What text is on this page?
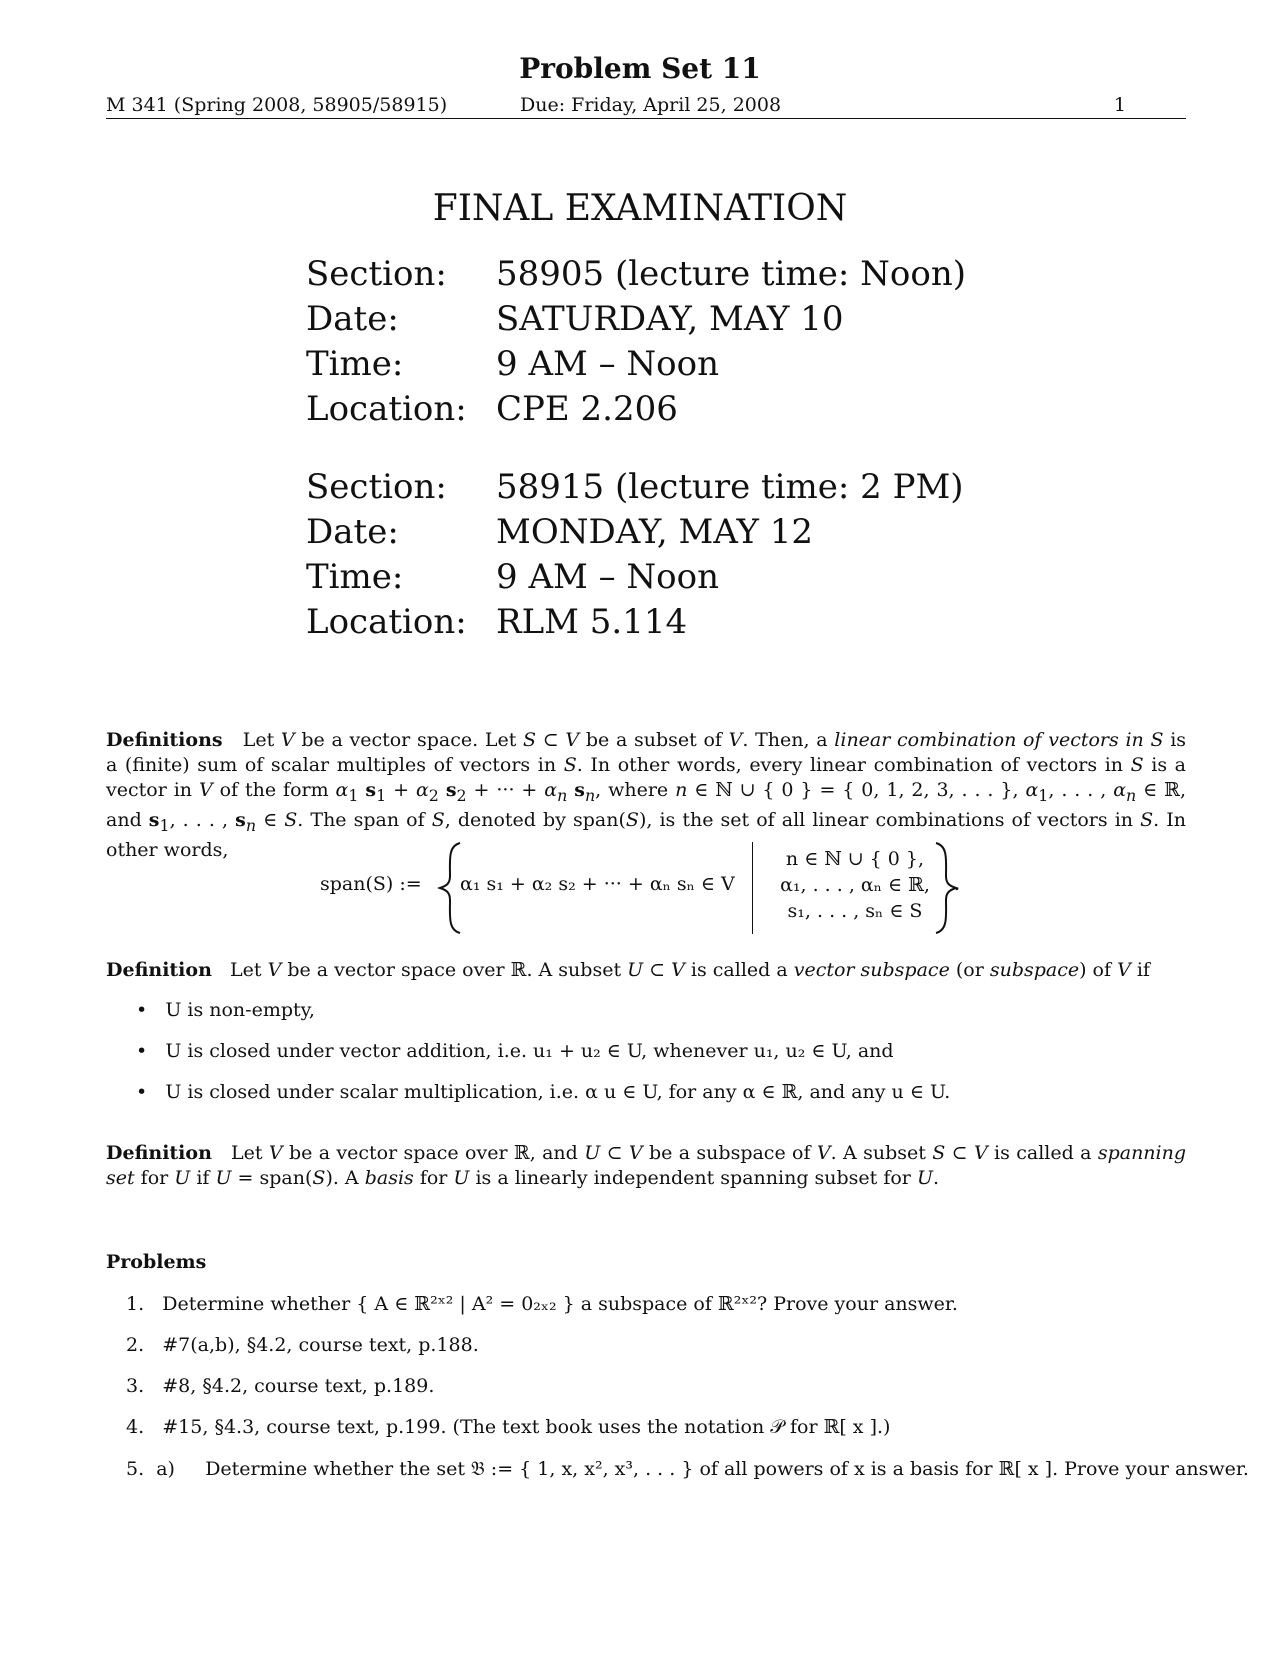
Problem Set 11
M 341 (Spring 2008, 58905/58915)	Due: Friday, April 25, 2008	1
FINAL EXAMINATION
Section:	58905 (lecture time: Noon)
Date:	SATURDAY, MAY 10
Time:	9 AM – Noon
Location: CPE 2.206
Section:	58915 (lecture time: 2 PM)
Date:	MONDAY, MAY 12
Time:	9 AM – Noon
Location: RLM 5.114
Definitions   Let V be a vector space. Let S ⊂ V be a subset of V. Then, a linear combination of vectors in S is a (finite) sum of scalar multiples of vectors in S. In other words, every linear combination of vectors in S is a vector in V of the form $\alpha_1$ $s_1 + \alpha_2$ $s_2$ + ··· + $\alpha_n$ $s_n$, where n ∈ ℕ ∪ { 0 } = { 0, 1, 2, 3, . . . }, $\alpha_1$, . . . , $\alpha_n$ ∈ ℝ, and $s_1$, . . . , $s_n$ ∈ S. The span of S, denoted by span(S), is the set of all linear combinations of vectors in S. In other words,
span(S) := α₁ s₁ + α₂ s₂ + ··· + αₙ sₙ ∈ V
n ∈ ℕ ∪ { 0 },
α₁, . . . , αₙ ∈ ℝ,
s₁, . . . , sₙ ∈ S
.
Definition   Let V be a vector space over ℝ. A subset U ⊂ V is called a vector subspace (or subspace) of V if
•   U is non-empty,
•   U is closed under vector addition, i.e. u₁ + u₂ ∈ U, whenever u₁, u₂ ∈ U, and
•   U is closed under scalar multiplication, i.e. α u ∈ U, for any α ∈ ℝ, and any u ∈ U.
Definition   Let V be a vector space over ℝ, and U ⊂ V be a subspace of V. A subset S ⊂ V is called a spanning set for U if U = span(S). A basis for U is a linearly independent spanning subset for U.
Problems
1. Determine whether { A ∈ ℝ²ˣ² | A² = 0₂ₓ₂ } a subspace of ℝ²ˣ²? Prove your answer.
2. #7(a,b), §4.2, course text, p.188.
3. #8, §4.2, course text, p.189.
4. #15, §4.3, course text, p.199. (The text book uses the notation 𝒫 for ℝ[ x ].)
5. a) Determine whether the set 𝔅 := { 1, x, x², x³, . . . } of all powers of x is a basis for ℝ[ x ]. Prove your answer.
